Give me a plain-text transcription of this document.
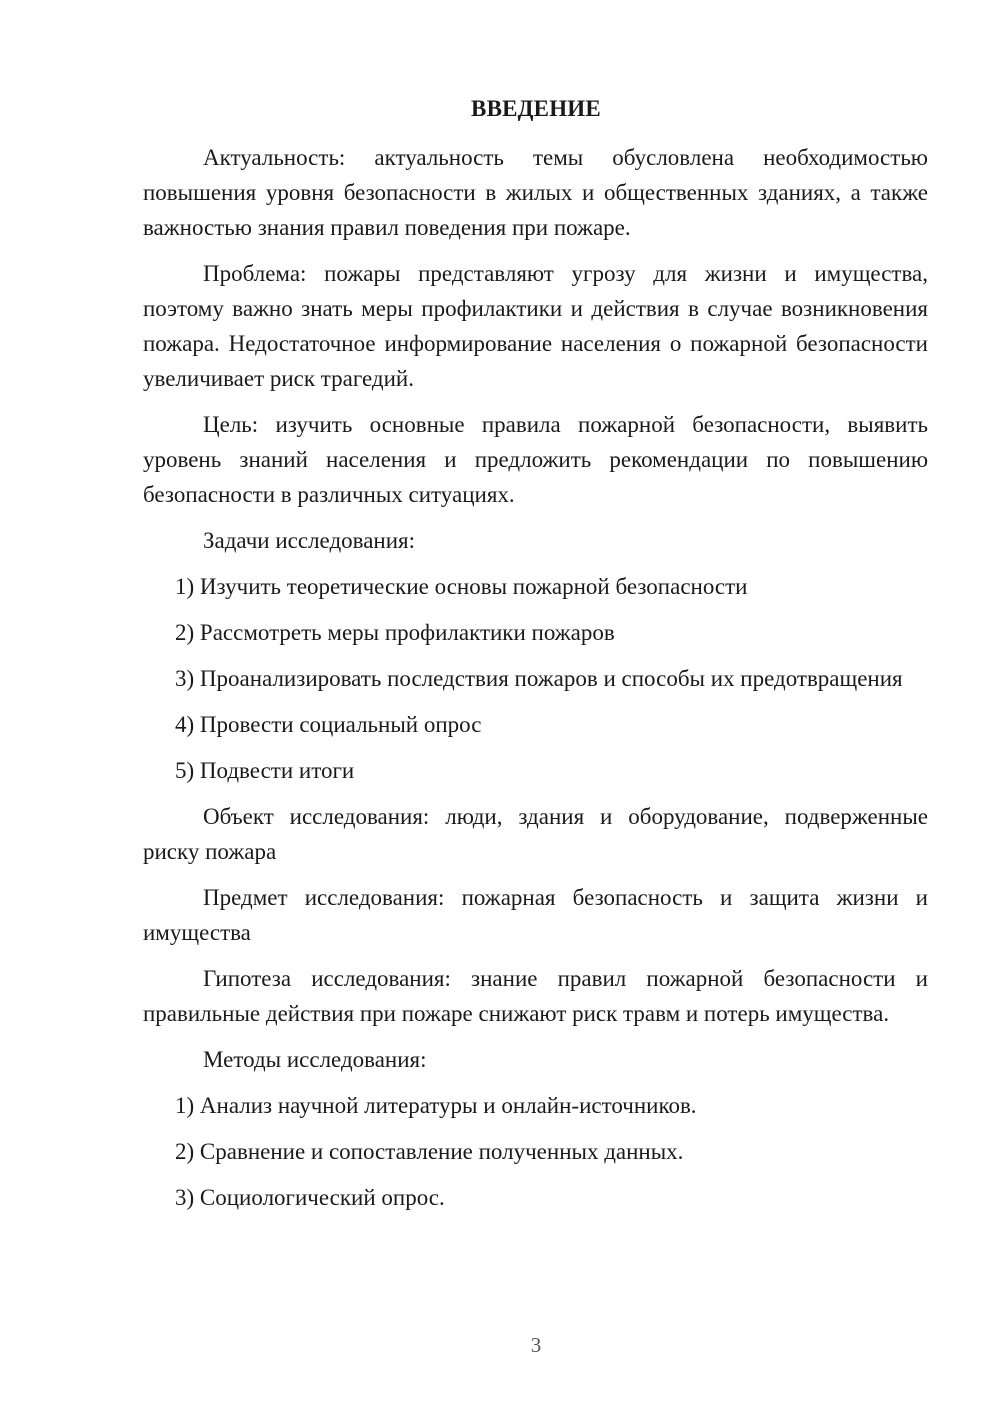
ВВЕДЕНИЕ

Актуальность: актуальность темы обусловлена необходимостью повышения уровня безопасности в жилых и общественных зданиях, а также важностью знания правил поведения при пожаре.

Проблема: пожары представляют угрозу для жизни и имущества, поэтому важно знать меры профилактики и действия в случае возникновения пожара. Недостаточное информирование населения о пожарной безопасности увеличивает риск трагедий.

Цель: изучить основные правила пожарной безопасности, выявить уровень знаний населения и предложить рекомендации по повышению безопасности в различных ситуациях.

Задачи исследования:

1) Изучить теоретические основы пожарной безопасности

2) Рассмотреть меры профилактики пожаров

3) Проанализировать последствия пожаров и способы их предотвращения

4) Провести социальный опрос

5) Подвести итоги

Объект исследования: люди, здания и оборудование, подверженные риску пожара

Предмет исследования: пожарная безопасность и защита жизни и имущества

Гипотеза исследования: знание правил пожарной безопасности и правильные действия при пожаре снижают риск травм и потерь имущества.

Методы исследования:

1) Анализ научной литературы и онлайн-источников.

2) Сравнение и сопоставление полученных данных.

3) Социологический опрос.

3
